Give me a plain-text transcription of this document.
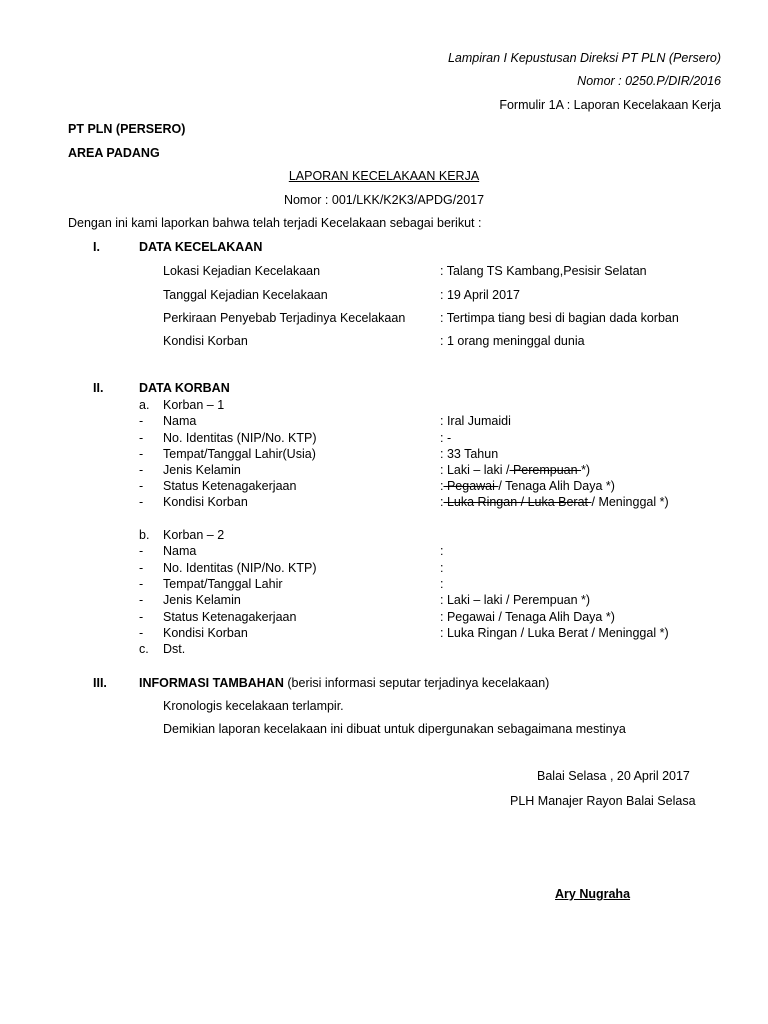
Lampiran I Kepustusan Direksi PT PLN (Persero)
Nomor : 0250.P/DIR/2016
Formulir 1A : Laporan Kecelakaan Kerja
PT PLN (PERSERO)
AREA PADANG
LAPORAN KECELAKAAN KERJA
Nomor : 001/LKK/K2K3/APDG/2017
Dengan ini kami laporkan bahwa telah terjadi Kecelakaan sebagai berikut :
I.	DATA KECELAKAAN
Lokasi Kejadian Kecelakaan	: Talang TS Kambang,Pesisir Selatan
Tanggal Kejadian Kecelakaan	: 19 April 2017
Perkiraan Penyebab Terjadinya Kecelakaan	: Tertimpa tiang besi di bagian dada korban
Kondisi Korban	: 1 orang meninggal dunia
II.	DATA KORBAN
a. Korban – 1
- Nama	: Iral Jumaidi
- No. Identitas (NIP/No. KTP)	: -
- Tempat/Tanggal Lahir(Usia)	: 33 Tahun
- Jenis Kelamin	: Laki – laki / Perempuan *)
- Status Ketenagakerjaan	: Pegawai / Tenaga Alih Daya *)
- Kondisi Korban	: Luka Ringan / Luka Berat / Meninggal *)
b. Korban – 2
- Nama	:
- No. Identitas (NIP/No. KTP)	:
- Tempat/Tanggal Lahir	:
- Jenis Kelamin	: Laki – laki / Perempuan *)
- Status Ketenagakerjaan	: Pegawai / Tenaga Alih Daya *)
- Kondisi Korban	: Luka Ringan / Luka Berat / Meninggal *)
c. Dst.
III.	INFORMASI TAMBAHAN (berisi informasi seputar terjadinya kecelakaan)
Kronologis kecelakaan terlampir.
Demikian laporan kecelakaan ini dibuat untuk dipergunakan sebagaimana mestinya
Balai Selasa , 20 April 2017
PLH Manajer Rayon Balai Selasa
Ary Nugraha
